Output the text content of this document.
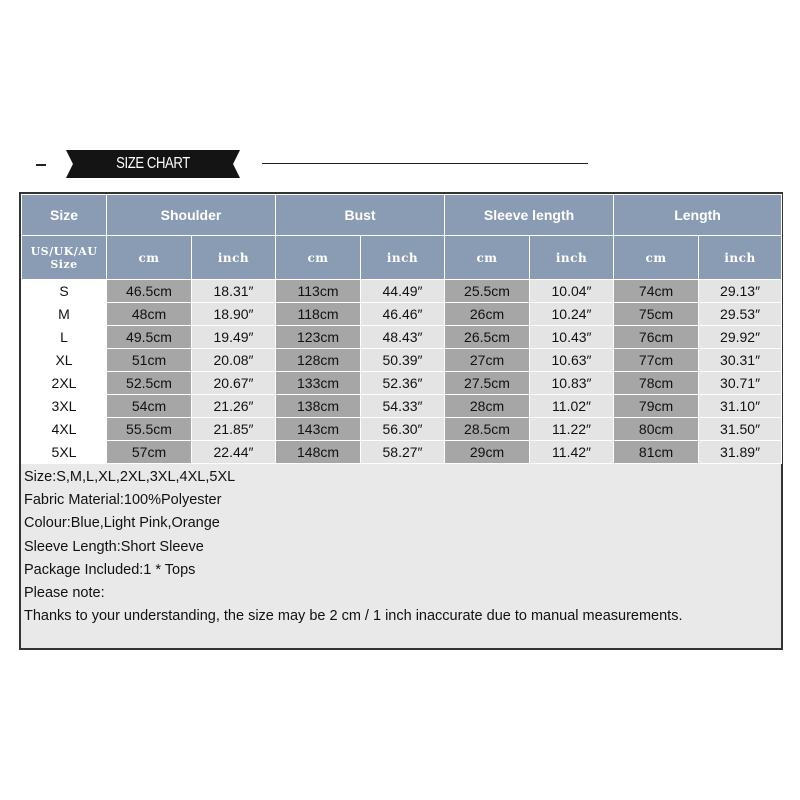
SIZE CHART
Size	Shoulder		Bust		Sleeve length		Length	

US/UK/AU
Size	cm	inch	cm	inch	cm	inch	cm	inch
S	46.5cm	18.31″	113cm	44.49″	25.5cm	10.04″	74cm	29.13″
M	48cm	18.90″	118cm	46.46″	26cm	10.24″	75cm	29.53″
L	49.5cm	19.49″	123cm	48.43″	26.5cm	10.43″	76cm	29.92″
XL	51cm	20.08″	128cm	50.39″	27cm	10.63″	77cm	30.31″
2XL	52.5cm	20.67″	133cm	52.36″	27.5cm	10.83″	78cm	30.71″
3XL	54cm	21.26″	138cm	54.33″	28cm	11.02″	79cm	31.10″
4XL	55.5cm	21.85″	143cm	56.30″	28.5cm	11.22″	80cm	31.50″
5XL	57cm	22.44″	148cm	58.27″	29cm	11.42″	81cm	31.89″
Size:S,M,L,XL,2XL,3XL,4XL,5XL
Fabric Material:100%Polyester
Colour:Blue,Light Pink,Orange
Sleeve Length:Short Sleeve
Package Included:1 * Tops
Please note:
Thanks to your understanding, the size may be 2 cm / 1 inch inaccurate due to manual measurements.
